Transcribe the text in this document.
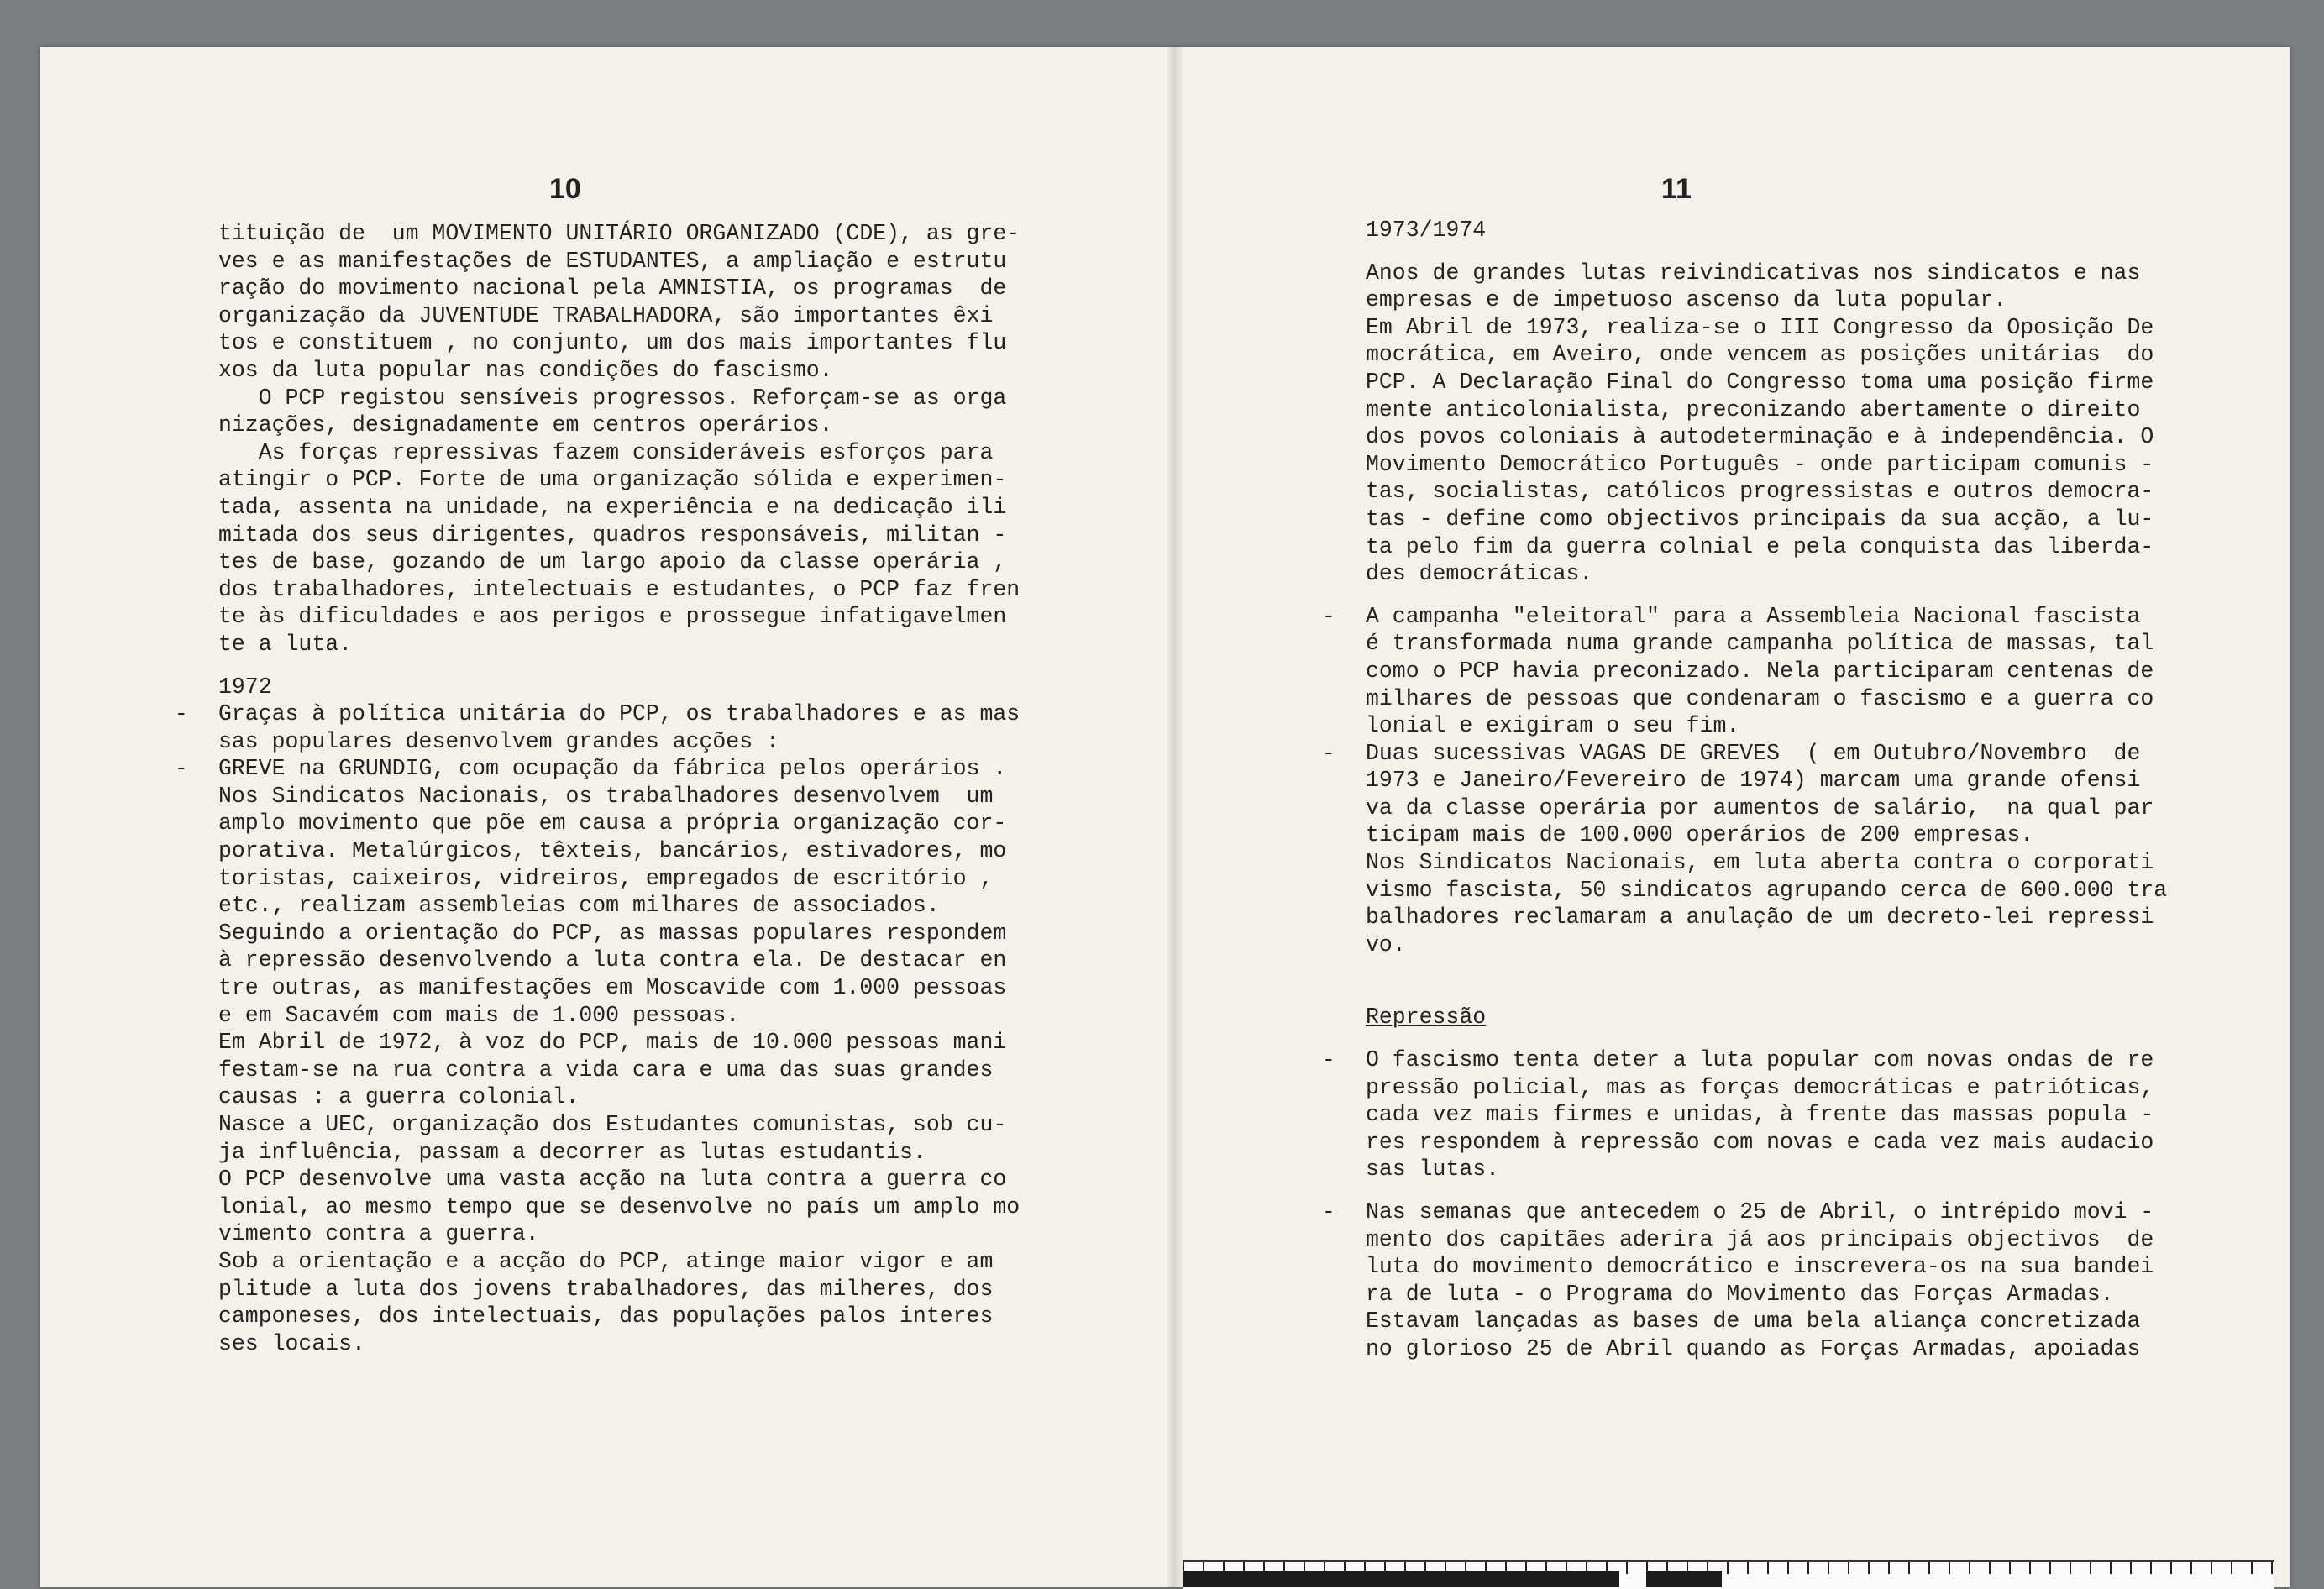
10	11
tituição de  um MOVIMENTO UNITÁRIO ORGANIZADO (CDE), as gre-
ves e as manifestações de ESTUDANTES, a ampliação e estrutu
ração do movimento nacional pela AMNISTIA, os programas  de
organização da JUVENTUDE TRABALHADORA, são importantes êxi
tos e constituem , no conjunto, um dos mais importantes flu
xos da luta popular nas condições do fascismo.
O PCP registou sensíveis progressos. Reforçam-se as orga
nizações, designadamente em centros operários.
As forças repressivas fazem consideráveis esforços para
atingir o PCP. Forte de uma organização sólida e experimen-
tada, assenta na unidade, na experiência e na dedicação ili
mitada dos seus dirigentes, quadros responsáveis, militan -
tes de base, gozando de um largo apoio da classe operária ,
dos trabalhadores, intelectuais e estudantes, o PCP faz fren
te às dificuldades e aos perigos e prossegue infatigavelmen
te a luta.
1972
Graças à política unitária do PCP, os trabalhadores e as mas
-
sas populares desenvolvem grandes acções :
GREVE na GRUNDIG, com ocupação da fábrica pelos operários .
-
Nos Sindicatos Nacionais, os trabalhadores desenvolvem  um
amplo movimento que põe em causa a própria organização cor-
porativa. Metalúrgicos, têxteis, bancários, estivadores, mo
toristas, caixeiros, vidreiros, empregados de escritório ,
etc., realizam assembleias com milhares de associados.
Seguindo a orientação do PCP, as massas populares respondem
à repressão desenvolvendo a luta contra ela. De destacar en
tre outras, as manifestações em Moscavide com 1.000 pessoas
e em Sacavém com mais de 1.000 pessoas.
Em Abril de 1972, à voz do PCP, mais de 10.000 pessoas mani
festam-se na rua contra a vida cara e uma das suas grandes
causas : a guerra colonial.
Nasce a UEC, organização dos Estudantes comunistas, sob cu-
ja influência, passam a decorrer as lutas estudantis.
O PCP desenvolve uma vasta acção na luta contra a guerra co
lonial, ao mesmo tempo que se desenvolve no país um amplo mo
vimento contra a guerra.
Sob a orientação e a acção do PCP, atinge maior vigor e am
plitude a luta dos jovens trabalhadores, das milheres, dos
camponeses, dos intelectuais, das populações palos interes
ses locais.
1973/1974
Anos de grandes lutas reivindicativas nos sindicatos e nas
empresas e de impetuoso ascenso da luta popular.
Em Abril de 1973, realiza-se o III Congresso da Oposição De
mocrática, em Aveiro, onde vencem as posições unitárias  do
PCP. A Declaração Final do Congresso toma uma posição firme
mente anticolonialista, preconizando abertamente o direito
dos povos coloniais à autodeterminação e à independência. O
Movimento Democrático Português - onde participam comunis -
tas, socialistas, católicos progressistas e outros democra-
tas - define como objectivos principais da sua acção, a lu-
ta pelo fim da guerra colnial e pela conquista das liberda-
des democráticas.
A campanha "eleitoral" para a Assembleia Nacional fascista
-
é transformada numa grande campanha política de massas, tal
como o PCP havia preconizado. Nela participaram centenas de
milhares de pessoas que condenaram o fascismo e a guerra co
lonial e exigiram o seu fim.
Duas sucessivas VAGAS DE GREVES  ( em Outubro/Novembro  de
-
1973 e Janeiro/Fevereiro de 1974) marcam uma grande ofensi
va da classe operária por aumentos de salário,  na qual par
ticipam mais de 100.000 operários de 200 empresas.
Nos Sindicatos Nacionais, em luta aberta contra o corporati
vismo fascista, 50 sindicatos agrupando cerca de 600.000 tra
balhadores reclamaram a anulação de um decreto-lei repressi
vo.
Repressão
O fascismo tenta deter a luta popular com novas ondas de re
-
pressão policial, mas as forças democráticas e patrióticas,
cada vez mais firmes e unidas, à frente das massas popula -
res respondem à repressão com novas e cada vez mais audacio
sas lutas.
Nas semanas que antecedem o 25 de Abril, o intrépido movi -
-
mento dos capitães aderira já aos principais objectivos  de
luta do movimento democrático e inscrevera-os na sua bandei
ra de luta - o Programa do Movimento das Forças Armadas.
Estavam lançadas as bases de uma bela aliança concretizada
no glorioso 25 de Abril quando as Forças Armadas, apoiadas
